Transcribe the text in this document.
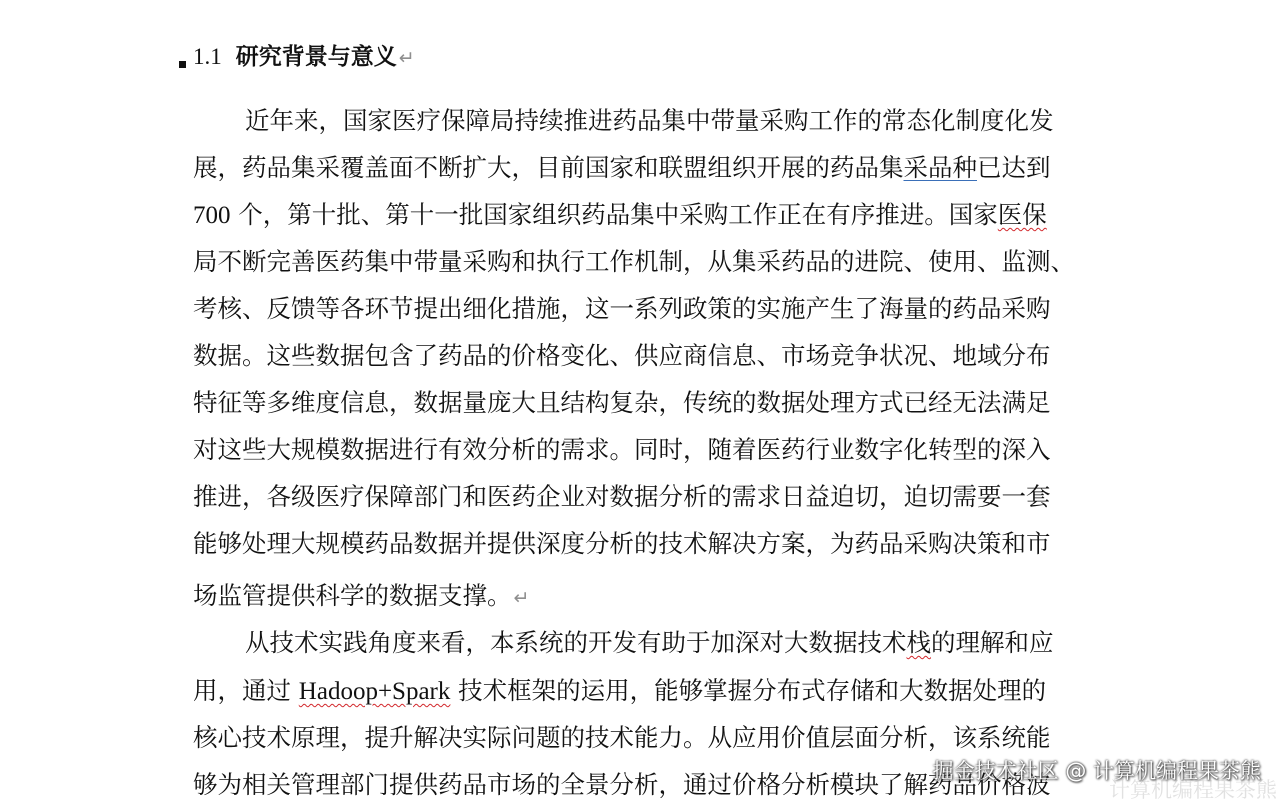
1.1 研究背景与意义 ↵
近年来，国家医疗保障局持续推进药品集中带量采购工作的常态化制度化发
展，药品集采覆盖面不断扩大，目前国家和联盟组织开展的药品集采品种已达到
700 个，第十批、第十一批国家组织药品集中采购工作正在有序推进。国家医保
局不断完善医药集中带量采购和执行工作机制，从集采药品的进院、使用、监测、
考核、反馈等各环节提出细化措施，这一系列政策的实施产生了海量的药品采购
数据。这些数据包含了药品的价格变化、供应商信息、市场竞争状况、地域分布
特征等多维度信息，数据量庞大且结构复杂，传统的数据处理方式已经无法满足
对这些大规模数据进行有效分析的需求。同时，随着医药行业数字化转型的深入
推进，各级医疗保障部门和医药企业对数据分析的需求日益迫切，迫切需要一套
能够处理大规模药品数据并提供深度分析的技术解决方案，为药品采购决策和市
场监管提供科学的数据支撑。 ↵
从技术实践角度来看，本系统的开发有助于加深对大数据技术栈的理解和应
用，通过 Hadoop+Spark 技术框架的运用，能够掌握分布式存储和大数据处理的
核心技术原理，提升解决实际问题的技术能力。从应用价值层面分析，该系统能
够为相关管理部门提供药品市场的全景分析，通过价格分析模块了解药品价格波	计算机编程果茶熊
掘金技术社区 @ 计算机编程果茶熊
